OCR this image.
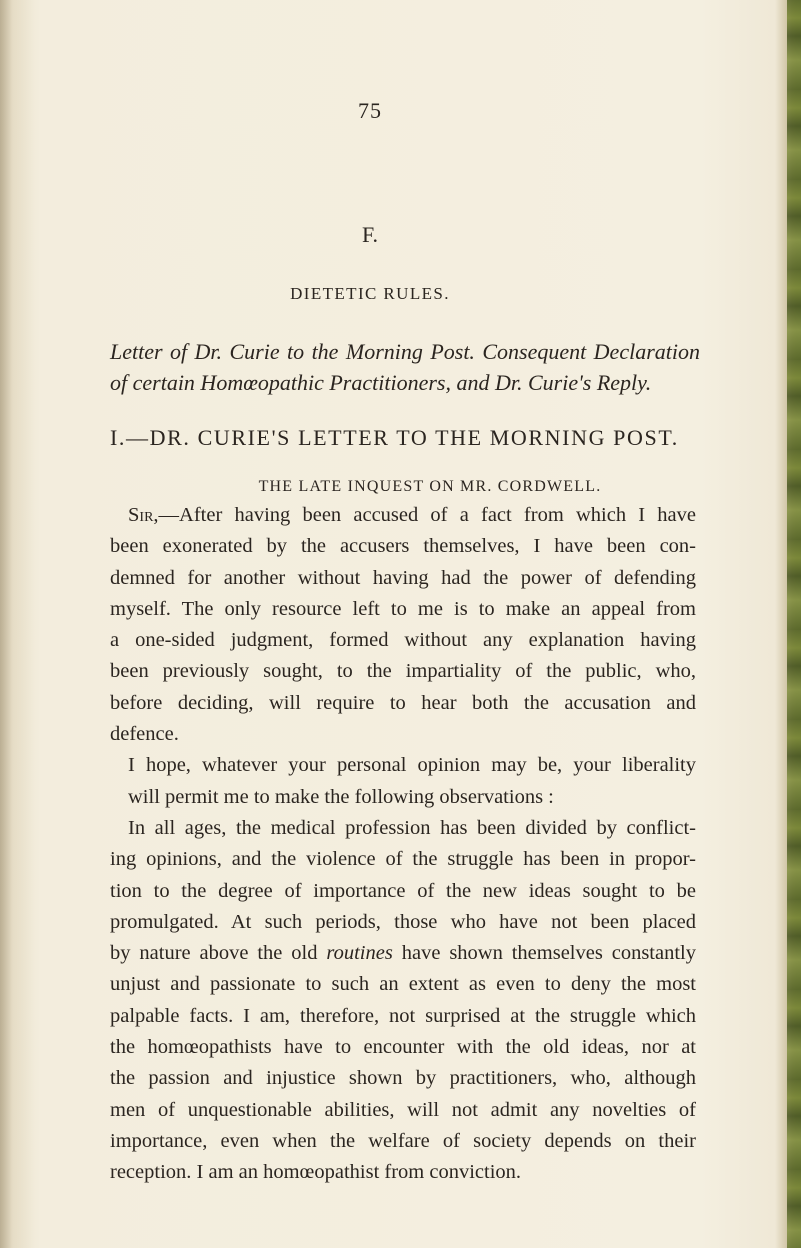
75
F.
DIETETIC RULES.
Letter of Dr. Curie to the Morning Post. Consequent Declaration
of certain Homœopathic Practitioners, and Dr. Curie's Reply.
I.—DR. CURIE'S LETTER TO THE MORNING POST.
THE LATE INQUEST ON MR. CORDWELL.
Sir,—After having been accused of a fact from which I have
been exonerated by the accusers themselves, I have been con-
demned for another without having had the power of defending
myself. The only resource left to me is to make an appeal from
a one-sided judgment, formed without any explanation having
been previously sought, to the impartiality of the public, who,
before deciding, will require to hear both the accusation and
defence.
I hope, whatever your personal opinion may be, your liberality
will permit me to make the following observations :
In all ages, the medical profession has been divided by conflict-
ing opinions, and the violence of the struggle has been in propor-
tion to the degree of importance of the new ideas sought to be
promulgated. At such periods, those who have not been placed
by nature above the old routines have shown themselves constantly
unjust and passionate to such an extent as even to deny the most
palpable facts. I am, therefore, not surprised at the struggle which
the homœopathists have to encounter with the old ideas, nor at
the passion and injustice shown by practitioners, who, although
men of unquestionable abilities, will not admit any novelties of
importance, even when the welfare of society depends on their
reception. I am an homœopathist from conviction.
